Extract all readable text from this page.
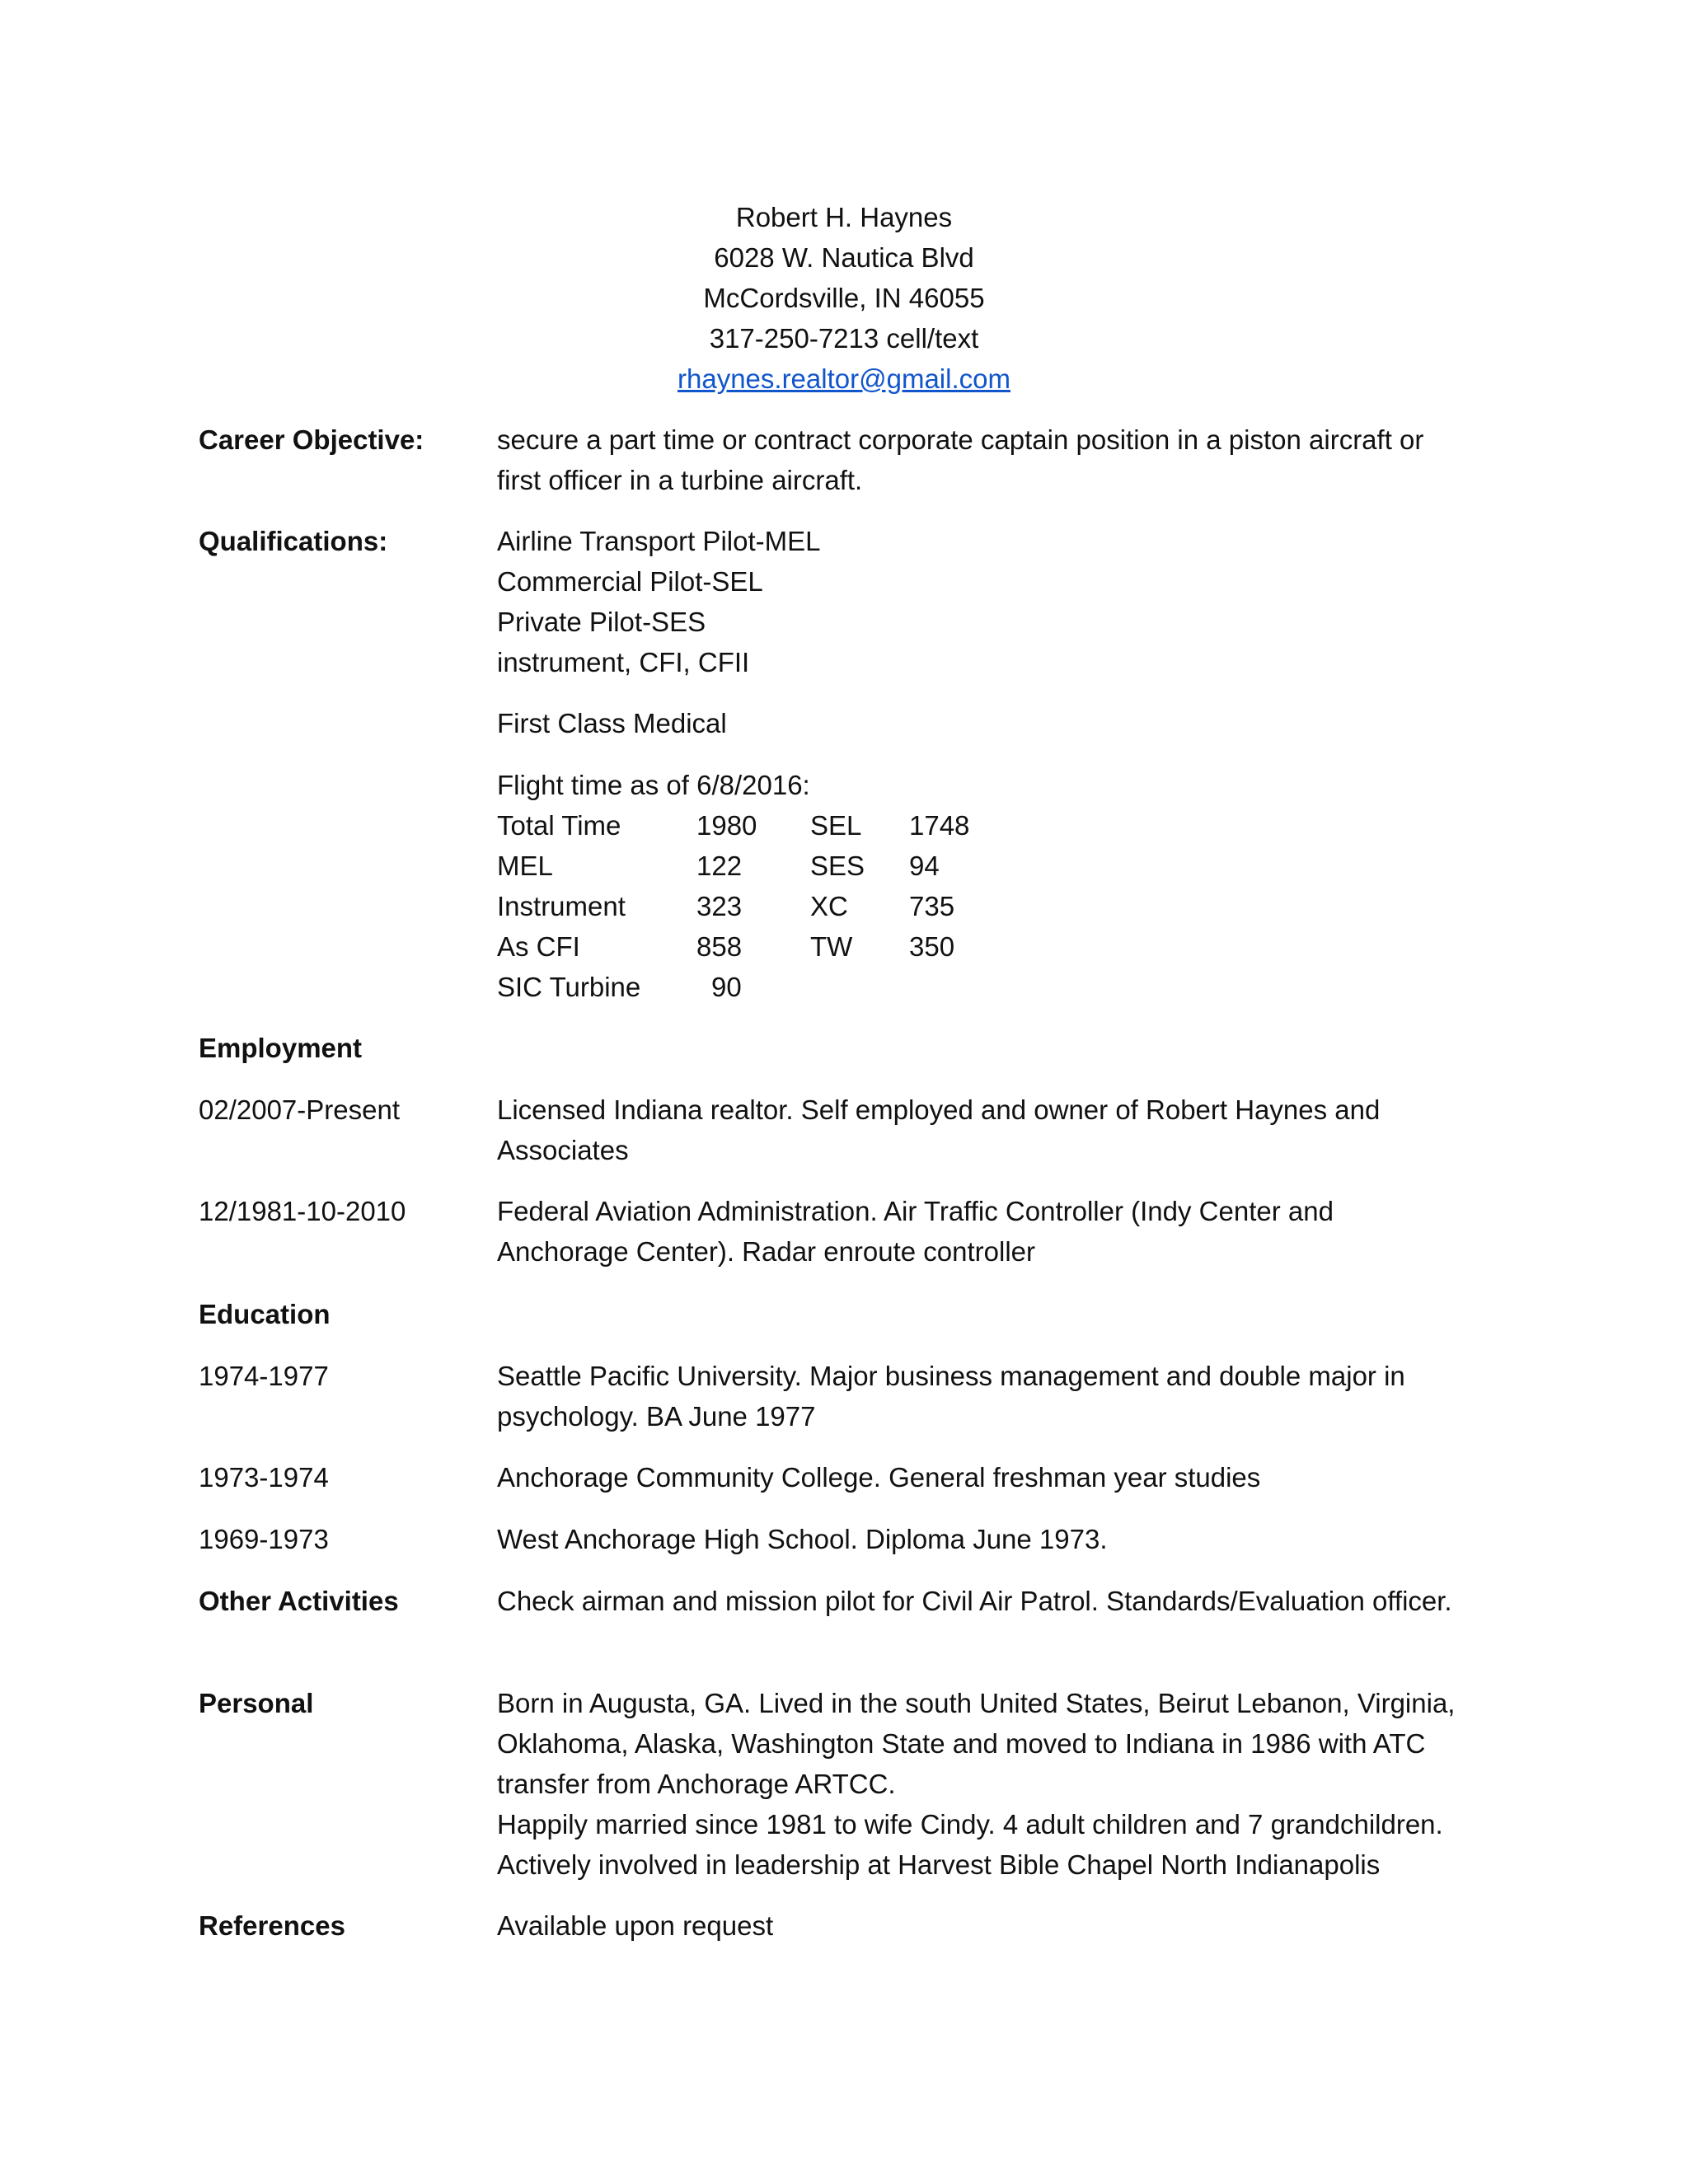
Robert H. Haynes
6028 W. Nautica Blvd
McCordsville, IN 46055
317-250-7213 cell/text
rhaynes.realtor@gmail.com
Career Objective:	secure a part time or contract corporate captain position in a piston aircraft or
first officer in a turbine aircraft.
Qualifications:	Airline Transport Pilot-MEL
Commercial Pilot-SEL
Private Pilot-SES
instrument, CFI, CFII
First Class Medical
Flight time as of 6/8/2016:
Total Time	1980	SEL	1748
MEL	122	SES	94
Instrument	323	XC	735
As CFI	858	TW	350
SIC Turbine	90		
Employment
02/2007-Present	Licensed Indiana realtor. Self employed and owner of Robert Haynes and
Associates
12/1981-10-2010	Federal Aviation Administration. Air Traffic Controller (Indy Center and
Anchorage Center). Radar enroute controller
Education
1974-1977	Seattle Pacific University. Major business management and double major in
psychology. BA June 1977
1973-1974	Anchorage Community College. General freshman year studies
1969-1973	West Anchorage High School. Diploma June 1973.
Other Activities	Check airman and mission pilot for Civil Air Patrol. Standards/Evaluation officer.
Personal	Born in Augusta, GA. Lived in the south United States, Beirut Lebanon, Virginia,
Oklahoma, Alaska, Washington State and moved to Indiana in 1986 with ATC
transfer from Anchorage ARTCC.
Happily married since 1981 to wife Cindy. 4 adult children and 7 grandchildren.
Actively involved in leadership at Harvest Bible Chapel North Indianapolis
References	Available upon request
